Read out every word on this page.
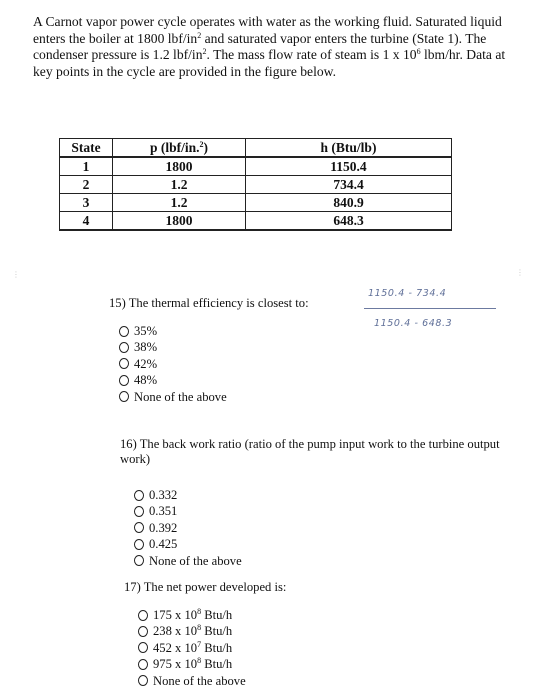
A Carnot vapor power cycle operates with water as the working fluid. Saturated liquid enters the boiler at 1800 lbf/$in^2$ and saturated vapor enters the turbine (State 1). The condenser pressure is 1.2 lbf/$in^2$. The mass flow rate of steam is 1 x $10^6$ lbm/hr. Data at key points in the cycle are provided in the figure below.

State	p (lbf/in.$^2$)	h (Btu/lb)
1	1800	1150.4
2	1.2	734.4
3	1.2	840.9
4	1800	648.3
⋮	⋮

15) The thermal efficiency is closest to:

35%
38%
42%
48%
None of the above

1150.4 - 734.4

1150.4 - 648.3

16) The back work ratio (ratio of the pump input work to the turbine output work)

0.332
0.351
0.392
0.425
None of the above

17) The net power developed is:

175 x $10^8$ Btu/h
238 x $10^8$ Btu/h
452 x $10^7$ Btu/h
975 x $10^8$ Btu/h
None of the above
